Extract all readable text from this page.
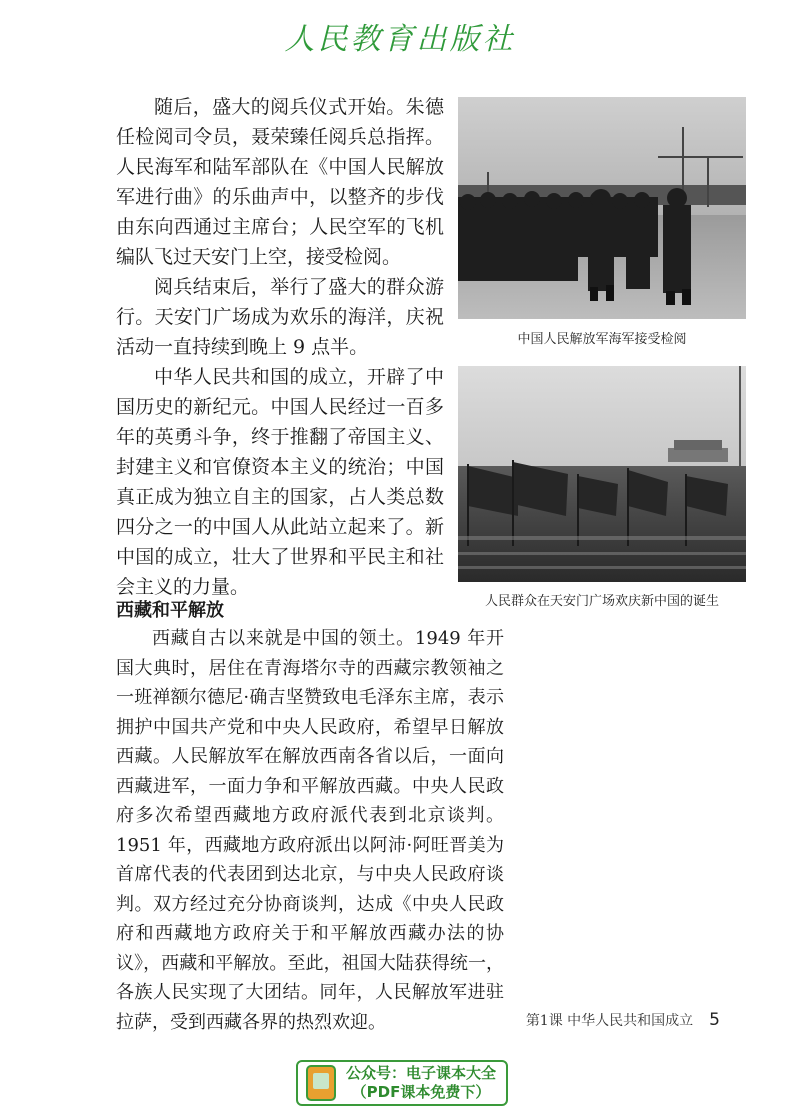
人民教育出版社

随后，盛大的阅兵仪式开始。朱德任检阅司令员，聂荣臻任阅兵总指挥。人民海军和陆军部队在《中国人民解放军进行曲》的乐曲声中，以整齐的步伐由东向西通过主席台；人民空军的飞机编队飞过天安门上空，接受检阅。

阅兵结束后，举行了盛大的群众游行。天安门广场成为欢乐的海洋，庆祝活动一直持续到晚上 9 点半。

中华人民共和国的成立，开辟了中国历史的新纪元。中国人民经过一百多年的英勇斗争，终于推翻了帝国主义、封建主义和官僚资本主义的统治；中国真正成为独立自主的国家，占人类总数四分之一的中国人从此站立起来了。新中国的成立，壮大了世界和平民主和社会主义的力量。

中国人民解放军海军接受检阅
人民群众在天安门广场欢庆新中国的诞生
西藏和平解放

西藏自古以来就是中国的领土。1949 年开国大典时，居住在青海塔尔寺的西藏宗教领袖之一班禅额尔德尼·确吉坚赞致电毛泽东主席，表示拥护中国共产党和中央人民政府，希望早日解放西藏。人民解放军在解放西南各省以后，一面向西藏进军，一面力争和平解放西藏。中央人民政府多次希望西藏地方政府派代表到北京谈判。1951 年，西藏地方政府派出以阿沛·阿旺晋美为首席代表的代表团到达北京，与中央人民政府谈判。双方经过充分协商谈判，达成《中央人民政府和西藏地方政府关于和平解放西藏办法的协议》，西藏和平解放。至此，祖国大陆获得统一，各族人民实现了大团结。同年，人民解放军进驻拉萨，受到西藏各界的热烈欢迎。	第1课 中华人民共和国成立 5
公众号：电子课本大全
（PDF课本免费下）
